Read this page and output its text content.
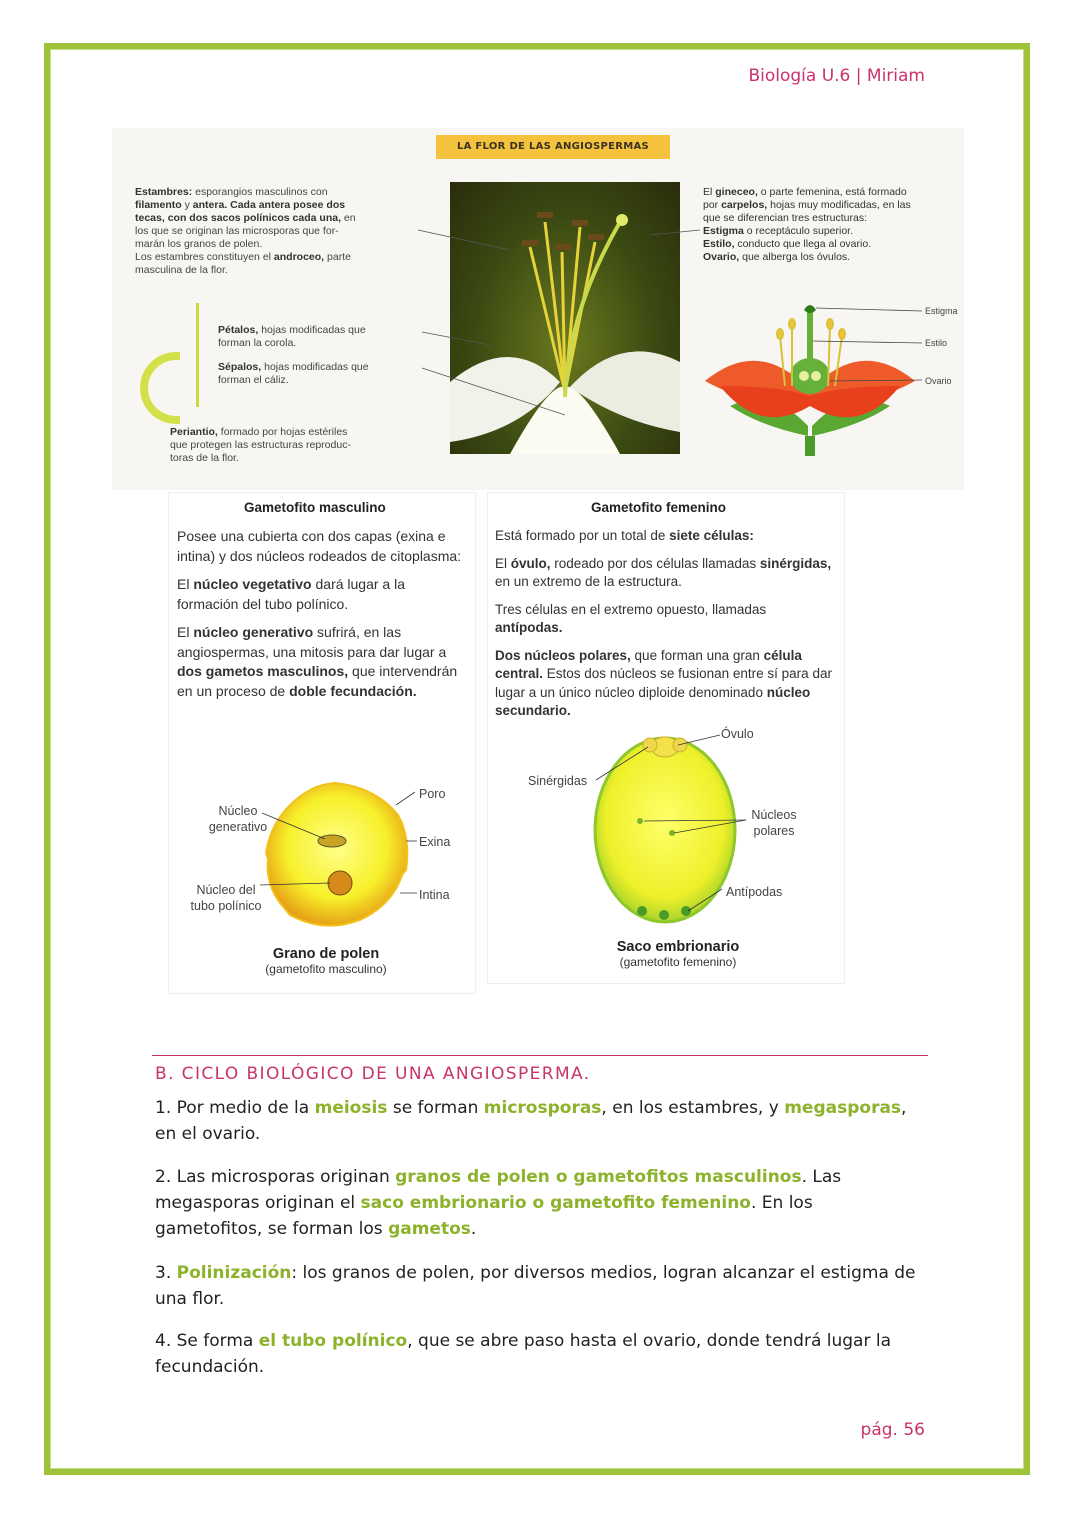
Biología U.6 | Miriam
LA FLOR DE LAS ANGIOSPERMAS
Estambres: esporangios masculinos con
filamento y antera. Cada antera posee dos
tecas, con dos sacos polínicos cada una, en
los que se originan las microsporas que for-
marán los granos de polen.
Los estambres constituyen el androceo, parte
masculina de la flor.
Pétalos, hojas modificadas que
forman la corola.
Sépalos, hojas modificadas que
forman el cáliz.
Periantio, formado por hojas estériles
que protegen las estructuras reproduc-
toras de la flor.
El gineceo, o parte femenina, está formado
por carpelos, hojas muy modificadas, en las
que se diferencian tres estructuras:
Estigma o receptáculo superior.
Estilo, conducto que llega al ovario.
Ovario, que alberga los óvulos.
Estigma
Estilo
Ovario
Gametofito masculino

Posee una cubierta con dos capas (exina e intina) y dos núcleos rodeados de citoplasma:

El núcleo vegetativo dará lugar a la formación del tubo polínico.

El núcleo generativo sufrirá, en las angiospermas, una mitosis para dar lugar a dos gametos masculinos, que intervendrán en un proceso de doble fecundación.

Poro
Núcleo
generativo
Exina
Núcleo del
tubo polínico
Intina
Grano de polen
(gametofito masculino)
Gametofito femenino

Está formado por un total de siete células:

El óvulo, rodeado por dos células llamadas sinérgidas, en un extremo de la estructura.

Tres células en el extremo opuesto, llamadas antípodas.

Dos núcleos polares, que forman una gran célula central. Estos dos núcleos se fusionan entre sí para dar lugar a un único núcleo diploide denominado núcleo secundario.

Óvulo
Sinérgidas
Núcleos
polares
Antípodas
Saco embrionario
(gametofito femenino)
B. CICLO BIOLÓGICO DE UNA ANGIOSPERMA.
1. Por medio de la meiosis se forman microsporas, en los estambres, y megasporas, en el ovario.
2. Las microsporas originan granos de polen o gametofitos masculinos. Las megasporas originan el saco embrionario o gametofito femenino. En los gametofitos, se forman los gametos.
3. Polinización: los granos de polen, por diversos medios, logran alcanzar el estigma de una flor.
4. Se forma el tubo polínico, que se abre paso hasta el ovario, donde tendrá lugar la fecundación.
pág. 56
